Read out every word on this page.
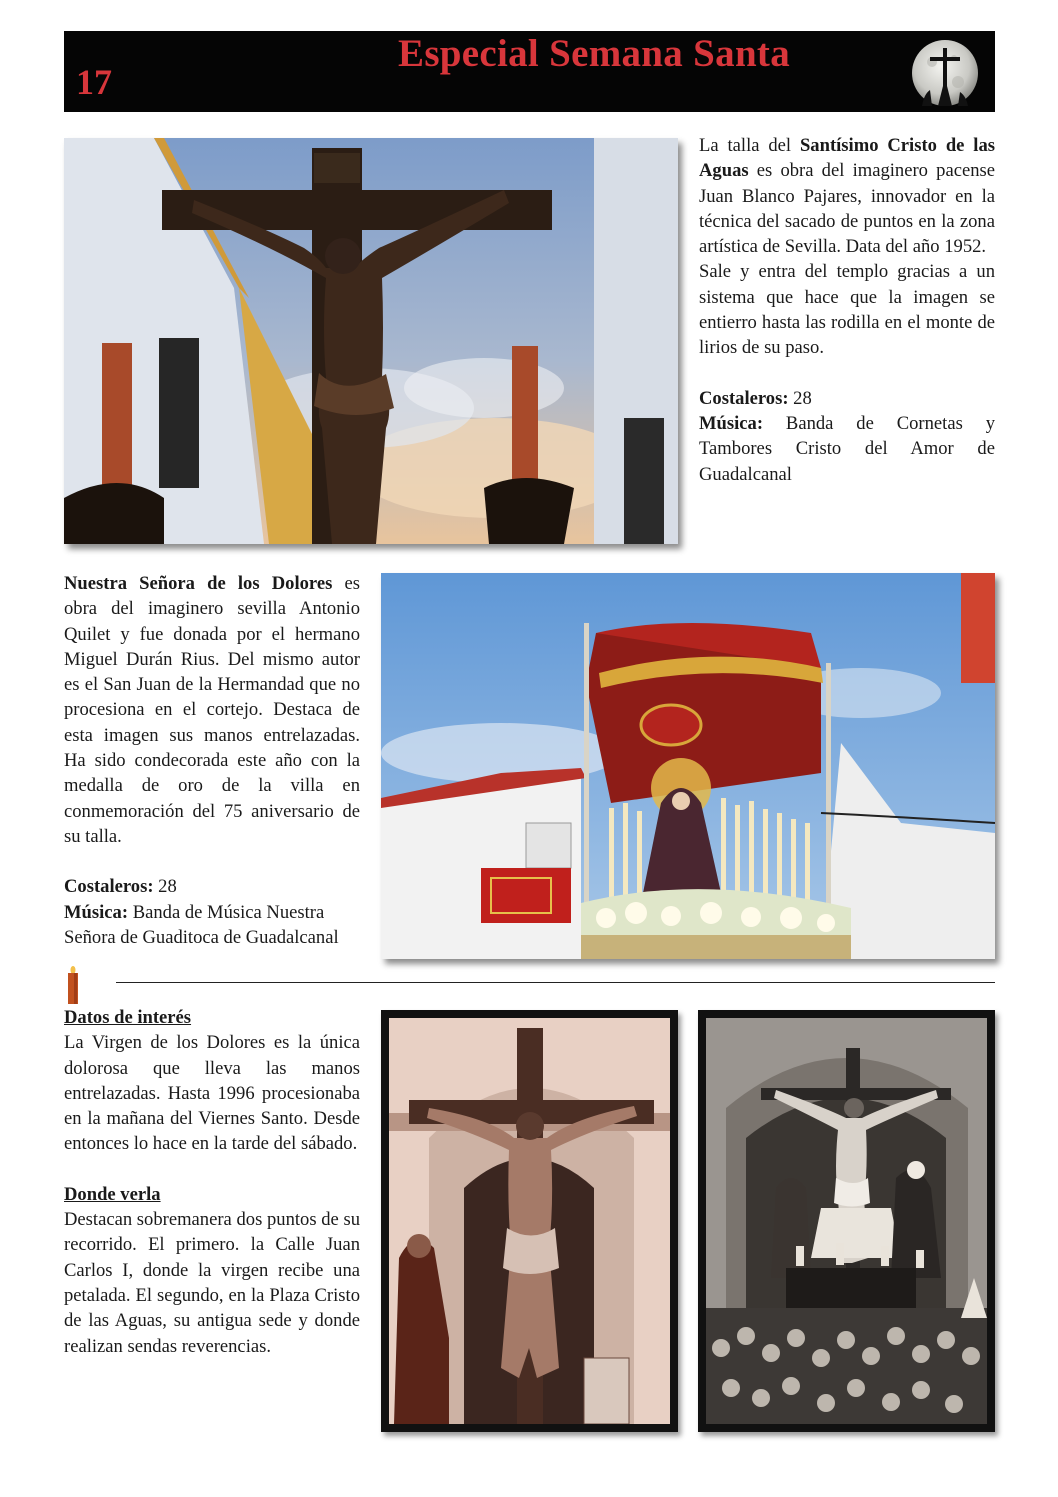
17
Especial Semana Santa

La talla del Santísimo Cristo de las Aguas es obra del imaginero pacense Juan Blanco Pajares, innovador en la técnica del sacado de puntos en la zona artística de Sevilla. Data del año 1952.

Sale y entra del templo gracias a un sistema que hace que la imagen se entierro hasta las rodilla en el monte de lirios de su paso.

Costaleros: 28

Música: Banda de Cornetas y Tambores Cristo del Amor de Guadalcanal

Nuestra Señora de los Dolores es obra del imaginero sevilla Antonio Quilet y fue donada por el hermano Miguel Durán Rius. Del mismo autor es el San Juan de la Hermandad que no procesiona en el cortejo. Destaca de esta imagen sus manos entrelazadas. Ha sido condecorada este año con la medalla de oro de la villa en conmemoración del 75 aniversario de su talla.

Costaleros: 28

Música: Banda de Música Nuestra Señora de Guaditoca de Guadalcanal

Datos de interés

La Virgen de los Dolores es la única dolorosa que lleva las manos entrelazadas. Hasta 1996 procesionaba en la mañana del Viernes Santo. Desde entonces lo hace en la tarde del sábado.

Donde verla

Destacan sobremanera dos puntos de su recorrido. El primero. la Calle Juan Carlos I, donde la virgen recibe una petalada. El segundo, en la Plaza Cristo de las Aguas, su antigua sede y donde realizan sendas reverencias.
